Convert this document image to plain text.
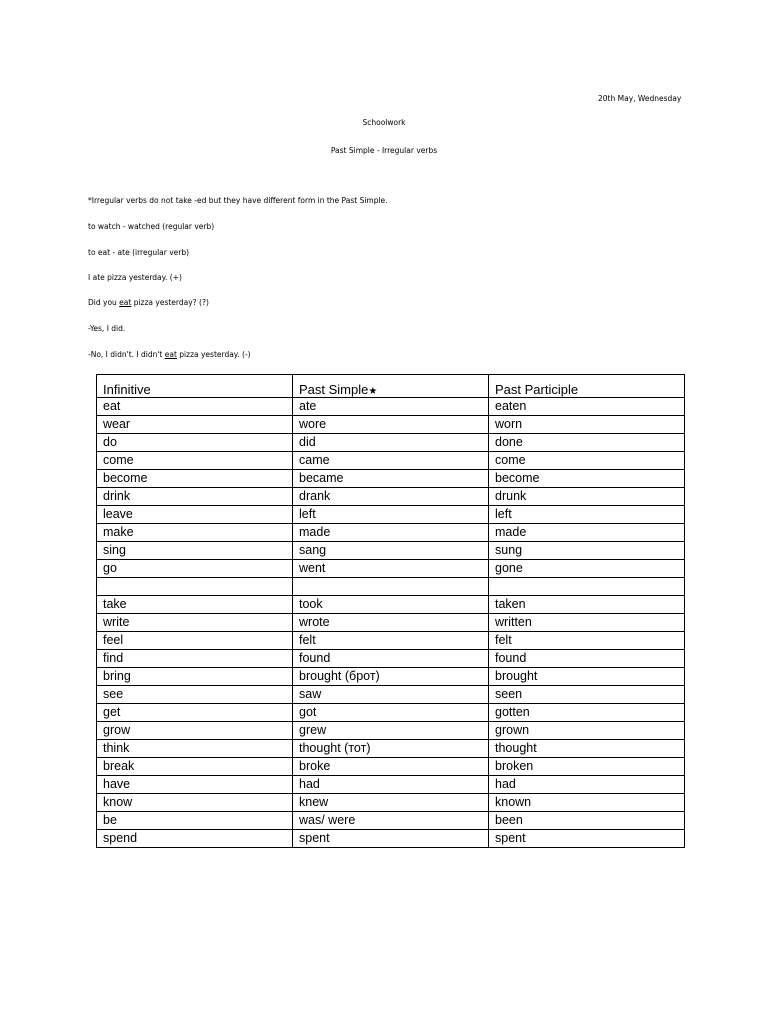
20th May, Wednesday
Schoolwork
Past Simple - Irregular verbs
*Irregular verbs do not take -ed but they have different form in the Past Simple.
to watch - watched (regular verb)
to eat - ate (irregular verb)
I ate pizza yesterday. (+)
Did you eat pizza yesterday? (?)
-Yes, I did.
-No, I didn't. I didn't eat pizza yesterday. (-)
Infinitive	Past Simple★	Past Participle
eat	ate	eaten
wear	wore	worn
do	did	done
come	came	come
become	became	become
drink	drank	drunk
leave	left	left
make	made	made
sing	sang	sung
go	went	gone

take	took	taken
write	wrote	written
feel	felt	felt
find	found	found
bring	brought (брот)	brought
see	saw	seen
get	got	gotten
grow	grew	grown
think	thought (тот)	thought
break	broke	broken
have	had	had
know	knew	known
be	was/ were	been
spend	spent	spent
